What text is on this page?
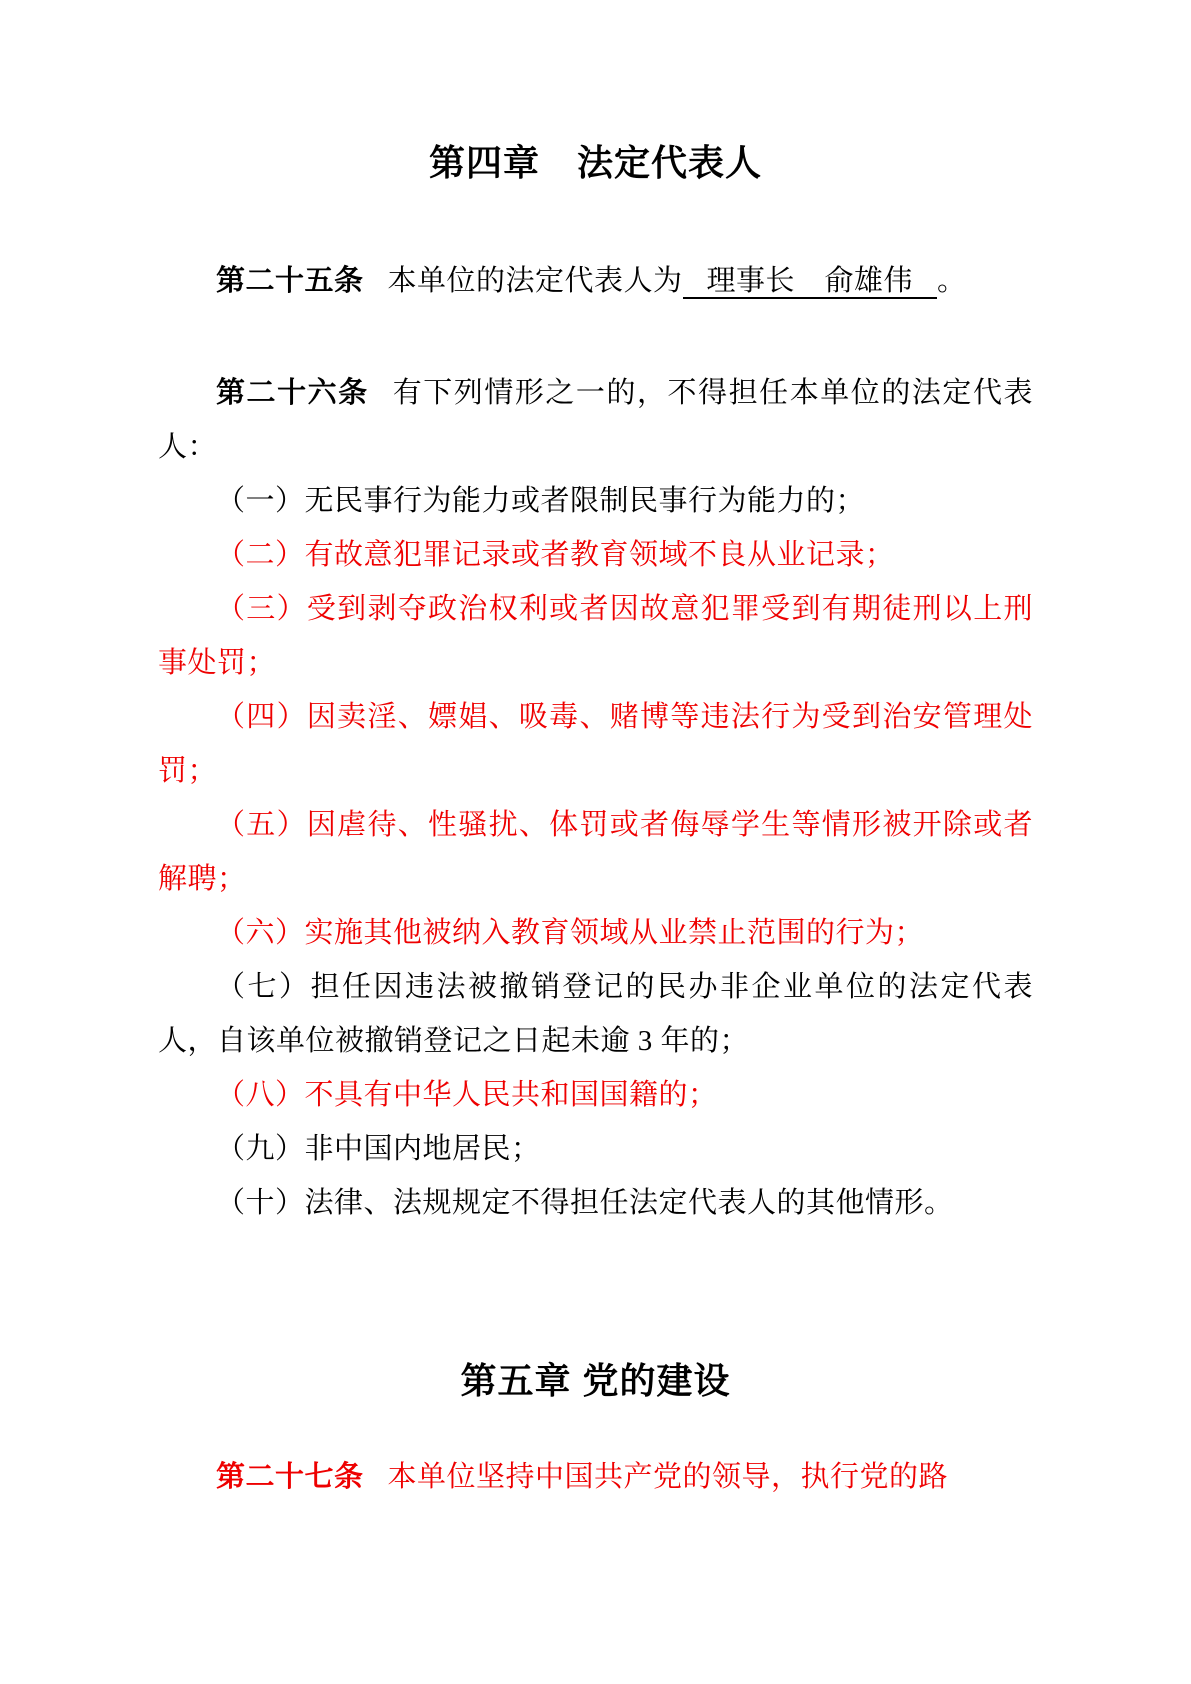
第四章　法定代表人

第二十五条 本单位的法定代表人为 理事长　俞雄伟 。

第二十六条 有下列情形之一的，不得担任本单位的法定代表人：

（一）无民事行为能力或者限制民事行为能力的；

（二）有故意犯罪记录或者教育领域不良从业记录；

（三）受到剥夺政治权利或者因故意犯罪受到有期徒刑以上刑事处罚；

（四）因卖淫、嫖娼、吸毒、赌博等违法行为受到治安管理处罚；

（五）因虐待、性骚扰、体罚或者侮辱学生等情形被开除或者解聘；

（六）实施其他被纳入教育领域从业禁止范围的行为；

（七）担任因违法被撤销登记的民办非企业单位的法定代表人，自该单位被撤销登记之日起未逾 3 年的；

（八）不具有中华人民共和国国籍的；

（九）非中国内地居民；

（十）法律、法规规定不得担任法定代表人的其他情形。

第五章 党的建设

第二十七条 本单位坚持中国共产党的领导，执行党的路
